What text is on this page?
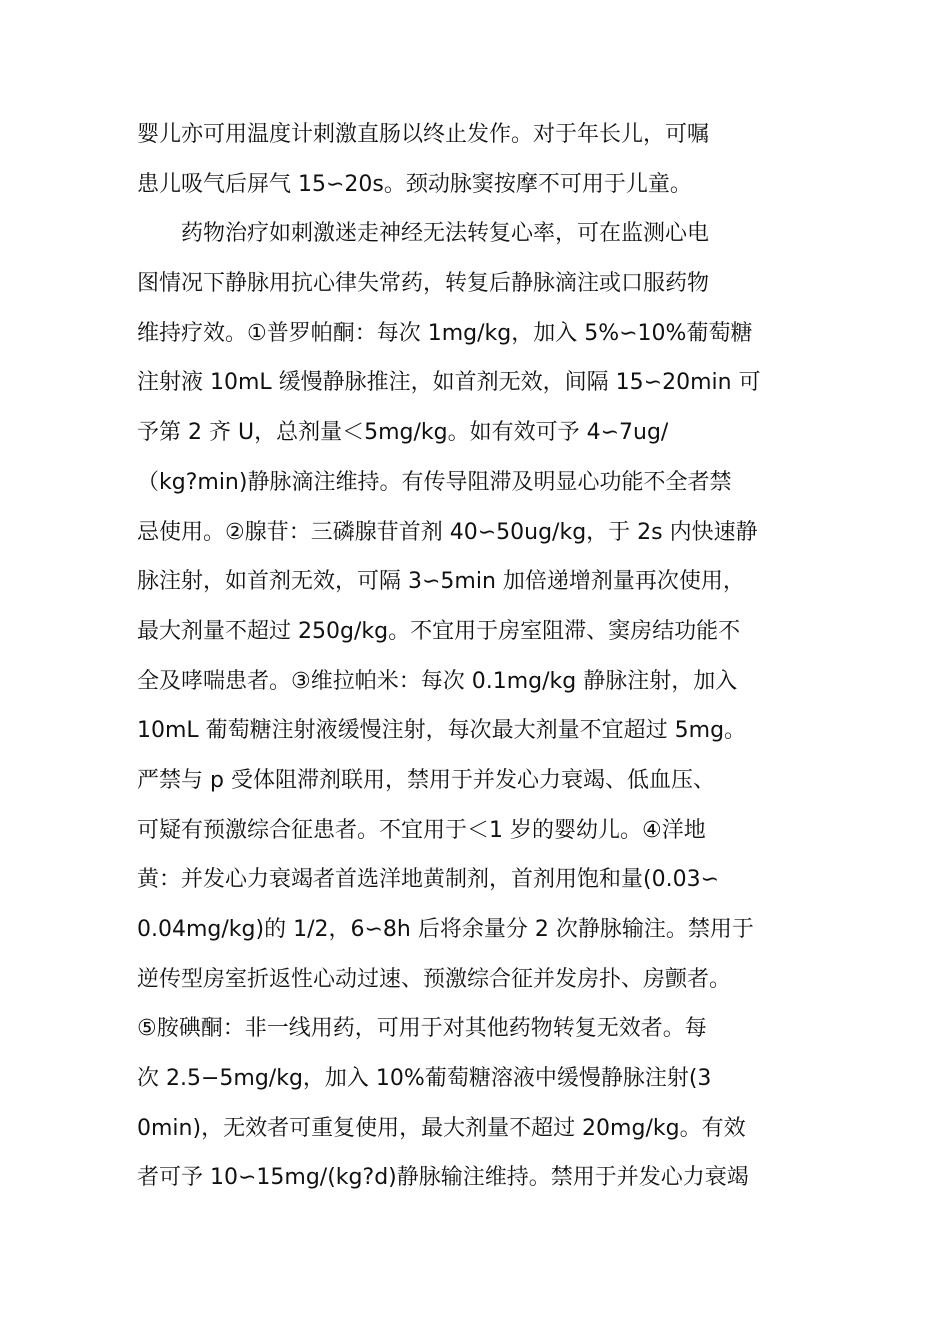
婴儿亦可用温度计刺激直肠以终止发作。对于年长儿，可嘱
患儿吸气后屏气 15∽20s。颈动脉窦按摩不可用于儿童。
　　药物治疗如刺激迷走神经无法转复心率，可在监测心电
图情况下静脉用抗心律失常药，转复后静脉滴注或口服药物
维持疗效。①普罗帕酮：每次 1mg/kg，加入 5%∽10%葡萄糖
注射液 10mL 缓慢静脉推注，如首剂无效，间隔 15∽20min 可
予第 2 齐 U，总剂量＜5mg/kg。如有效可予 4∽7ug/
（kg?min)静脉滴注维持。有传导阻滞及明显心功能不全者禁
忌使用。②腺苷：三磷腺苷首剂 40∽50ug/kg，于 2s 内快速静
脉注射，如首剂无效，可隔 3∽5min 加倍递增剂量再次使用，
最大剂量不超过 250g/kg。不宜用于房室阻滞、窦房结功能不
全及哮喘患者。③维拉帕米：每次 0.1mg/kg 静脉注射，加入
10mL 葡萄糖注射液缓慢注射，每次最大剂量不宜超过 5mg。
严禁与 p 受体阻滞剂联用，禁用于并发心力衰竭、低血压、
可疑有预激综合征患者。不宜用于＜1 岁的婴幼儿。④洋地
黄：并发心力衰竭者首选洋地黄制剂，首剂用饱和量(0.03∽
0.04mg/kg)的 1/2，6∽8h 后将余量分 2 次静脉输注。禁用于
逆传型房室折返性心动过速、预激综合征并发房扑、房颤者。
⑤胺碘酮：非一线用药，可用于对其他药物转复无效者。每
次 2.5−5mg/kg，加入 10%葡萄糖溶液中缓慢静脉注射(3
0min)，无效者可重复使用，最大剂量不超过 20mg/kg。有效
者可予 10∽15mg/(kg?d)静脉输注维持。禁用于并发心力衰竭
